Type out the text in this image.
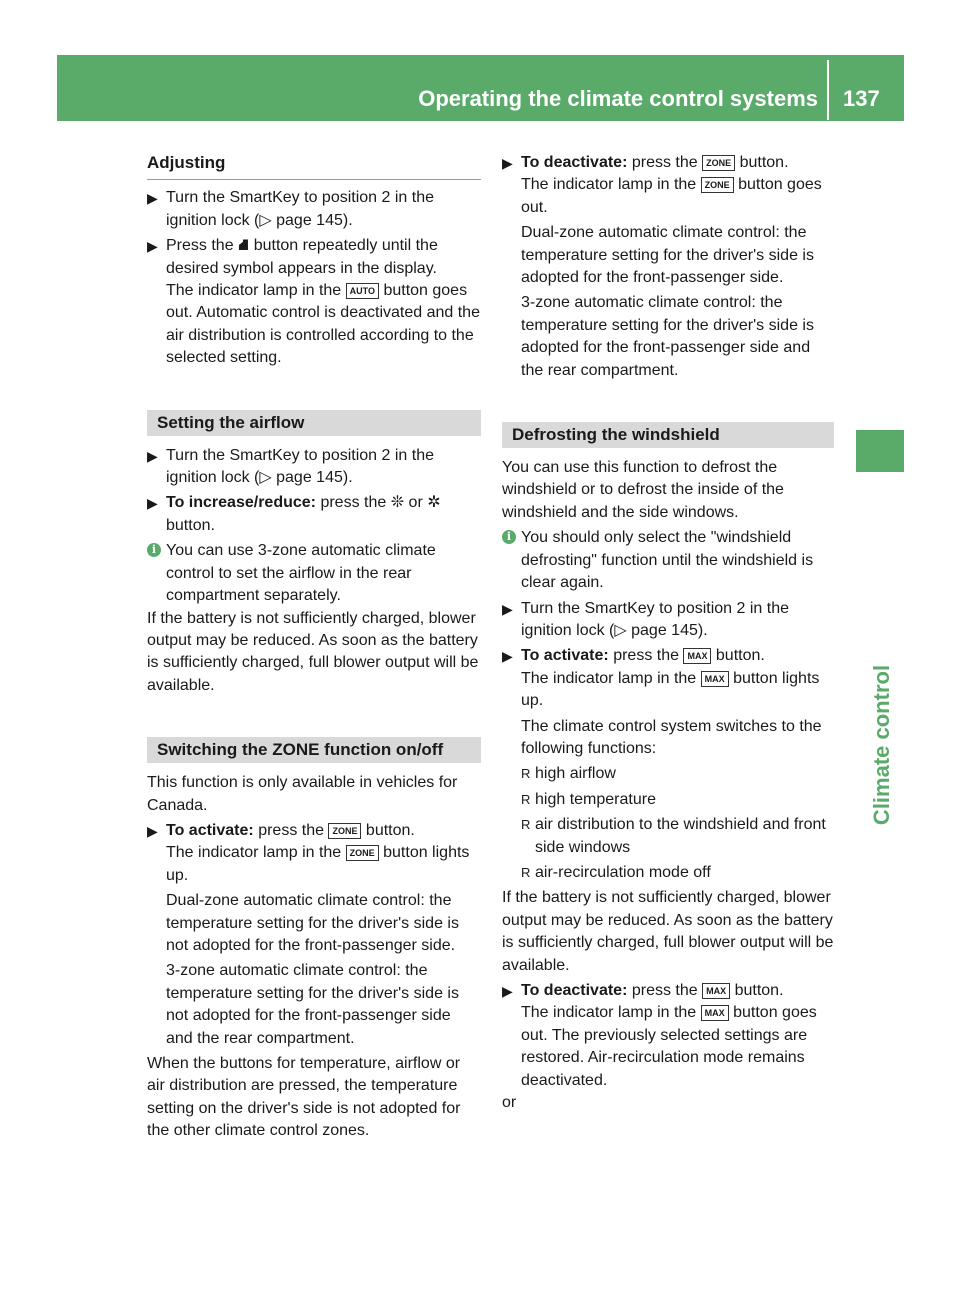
Operating the climate control systems 137
Climate control
Adjusting

▶ Turn the SmartKey to position 2 in the ignition lock (▷ page 145).

▶ Press the ⛘ button repeatedly until the desired symbol appears in the display.

The indicator lamp in the AUTO button goes out. Automatic control is deactivated and the air distribution is controlled according to the selected setting.

Setting the airflow

▶ Turn the SmartKey to position 2 in the ignition lock (▷ page 145).

▶ To increase/reduce: press the ❊ or ✲ button.

i You can use 3-zone automatic climate control to set the airflow in the rear compartment separately.

If the battery is not sufficiently charged, blower output may be reduced. As soon as the battery is sufficiently charged, full blower output will be available.

Switching the ZONE function on/off

This function is only available in vehicles for Canada.

▶ To activate: press the ZONE button.

The indicator lamp in the ZONE button lights up.

Dual-zone automatic climate control: the temperature setting for the driver's side is not adopted for the front-passenger side.

3-zone automatic climate control: the temperature setting for the driver's side is not adopted for the front-passenger side and the rear compartment.

When the buttons for temperature, airflow or air distribution are pressed, the temperature setting on the driver's side is not adopted for the other climate control zones.

▶ To deactivate: press the ZONE button.

The indicator lamp in the ZONE button goes out.

Dual-zone automatic climate control: the temperature setting for the driver's side is adopted for the front-passenger side.

3-zone automatic climate control: the temperature setting for the driver's side is adopted for the front-passenger side and the rear compartment.

Defrosting the windshield

You can use this function to defrost the windshield or to defrost the inside of the windshield and the side windows.

i You should only select the "windshield defrosting" function until the windshield is clear again.

▶ Turn the SmartKey to position 2 in the ignition lock (▷ page 145).

▶ To activate: press the MAX button.

The indicator lamp in the MAX button lights up.

The climate control system switches to the following functions:

R high airflow

R high temperature

R air distribution to the windshield and front side windows

R air-recirculation mode off

If the battery is not sufficiently charged, blower output may be reduced. As soon as the battery is sufficiently charged, full blower output will be available.

▶ To deactivate: press the MAX button.

The indicator lamp in the MAX button goes out. The previously selected settings are restored. Air-recirculation mode remains deactivated.

or
